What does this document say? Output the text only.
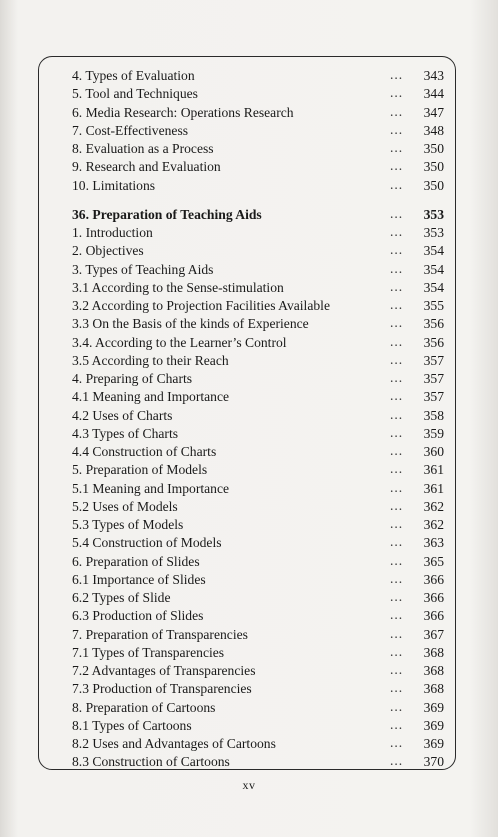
4. Types of Evaluation	... 343
5. Tool and Techniques	... 344
6. Media Research: Operations Research	... 347
7. Cost-Effectiveness	... 348
8. Evaluation as a Process	... 350
9. Research and Evaluation	... 350
10. Limitations	... 350
36. Preparation of Teaching Aids	... 353
1. Introduction	... 353
2. Objectives	... 354
3. Types of Teaching Aids	... 354
3.1 According to the Sense-stimulation	... 354
3.2 According to Projection Facilities Available	... 355
3.3 On the Basis of the kinds of Experience	... 356
3.4. According to the Learner’s Control	... 356
3.5 According to their Reach	... 357
4. Preparing of Charts	... 357
4.1 Meaning and Importance	... 357
4.2 Uses of Charts	... 358
4.3 Types of Charts	... 359
4.4 Construction of Charts	... 360
5. Preparation of Models	... 361
5.1 Meaning and Importance	... 361
5.2 Uses of Models	... 362
5.3 Types of Models	... 362
5.4 Construction of Models	... 363
6. Preparation of Slides	... 365
6.1 Importance of Slides	... 366
6.2 Types of Slide	... 366
6.3 Production of Slides	... 366
7. Preparation of Transparencies	... 367
7.1 Types of Transparencies	... 368
7.2 Advantages of Transparencies	... 368
7.3 Production of Transparencies	... 368
8. Preparation of Cartoons	... 369
8.1 Types of Cartoons	... 369
8.2 Uses and Advantages of Cartoons	... 369
8.3 Construction of Cartoons	... 370
xv
